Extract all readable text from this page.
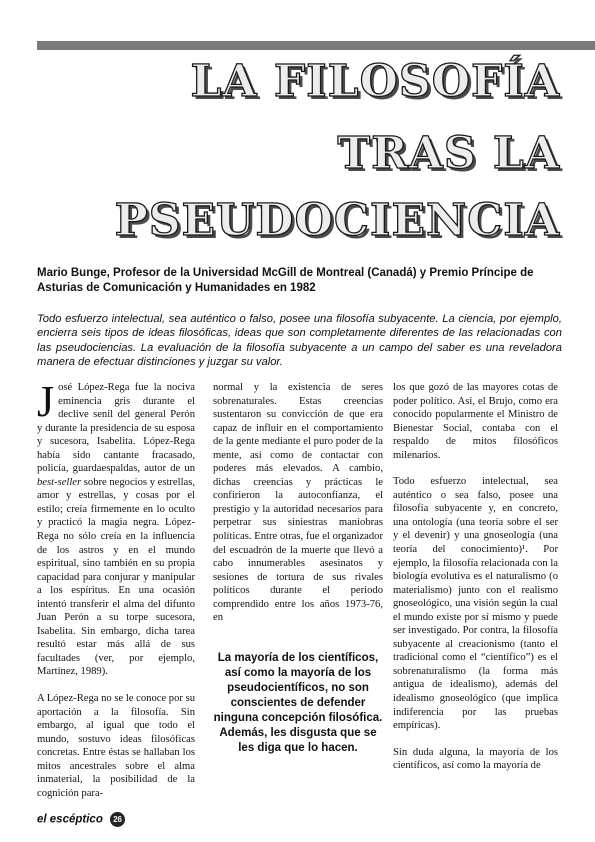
LA FILOSOFÍA
TRAS LA
PSEUDOCIENCIA
Mario Bunge, Profesor de la Universidad McGill de Montreal (Canadá) y Premio Príncipe de Asturias de Comunicación y Humanidades en 1982
Todo esfuerzo intelectual, sea auténtico o falso, posee una filosofía subyacente. La ciencia, por ejemplo, encierra seis tipos de ideas filosóficas, ideas que son completamente diferentes de las relacionadas con las pseudociencias. La evaluación de la filosofía subyacente a un campo del saber es una reveladora manera de efectuar distinciones y juzgar su valor.

José López-Rega fue la nociva eminencia gris durante el declive senil del general Perón y durante la presidencia de su esposa y sucesora, Isabelita. López-Rega había sido cantante fracasado, policía, guardaespaldas, autor de un best-seller sobre negocios y estrellas, amor y estrellas, y cosas por el estilo; creía firmemente en lo oculto y practicó la magia negra. López-Rega no sólo creía en la influencia de los astros y en el mundo espiritual, sino también en su propia capacidad para conjurar y manipular a los espíritus. En una ocasión intentó transferir el alma del difunto Juan Perón a su torpe sucesora, Isabelita. Sin embargo, dicha tarea resultó estar más allá de sus facultades (ver, por ejemplo, Martínez, 1989).

A López-Rega no se le conoce por su aportación a la filosofía. Sin embargo, al igual que todo el mundo, sostuvo ideas filosóficas concretas. Entre éstas se hallaban los mitos ancestrales sobre el alma inmaterial, la posibilidad de la cognición para-

normal y la existencia de seres sobrenaturales. Estas creencias sustentaron su convicción de que era capaz de influir en el comportamiento de la gente mediante el puro poder de la mente, así como de contactar con poderes más elevados. A cambio, dichas creencias y prácticas le confirieron la autoconfianza, el prestigio y la autoridad necesarios para perpetrar sus siniestras maniobras políticas. Entre otras, fue el organizador del escuadrón de la muerte que llevó a cabo innumerables asesinatos y sesiones de tortura de sus rivales políticos durante el periodo comprendido entre los años 1973-76, en

La mayoría de los científicos, así como la mayoría de los pseudocientíficos, no son conscientes de defender ninguna concepción filosófica. Además, les disgusta que se les diga que lo hacen.

los que gozó de las mayores cotas de poder político. Así, el Brujo, como era conocido popularmente el Ministro de Bienestar Social, contaba con el respaldo de mitos filosóficos milenarios.

Todo esfuerzo intelectual, sea auténtico o sea falso, posee una filosofía subyacente y, en concreto, una ontología (una teoría sobre el ser y el devenir) y una gnoseología (una teoría del conocimiento)¹. Por ejemplo, la filosofía relacionada con la biología evolutiva es el naturalismo (o materialismo) junto con el realismo gnoseológico, una visión según la cual el mundo existe por sí mismo y puede ser investigado. Por contra, la filosofía subyacente al creacionismo (tanto el tradicional como el “científico”) es el sobrenaturalismo (la forma más antigua de idealismo), además del idealismo gnoseológico (que implica indiferencia por las pruebas empíricas).

Sin duda alguna, la mayoría de los científicos, así como la mayoría de

el escéptico 26
